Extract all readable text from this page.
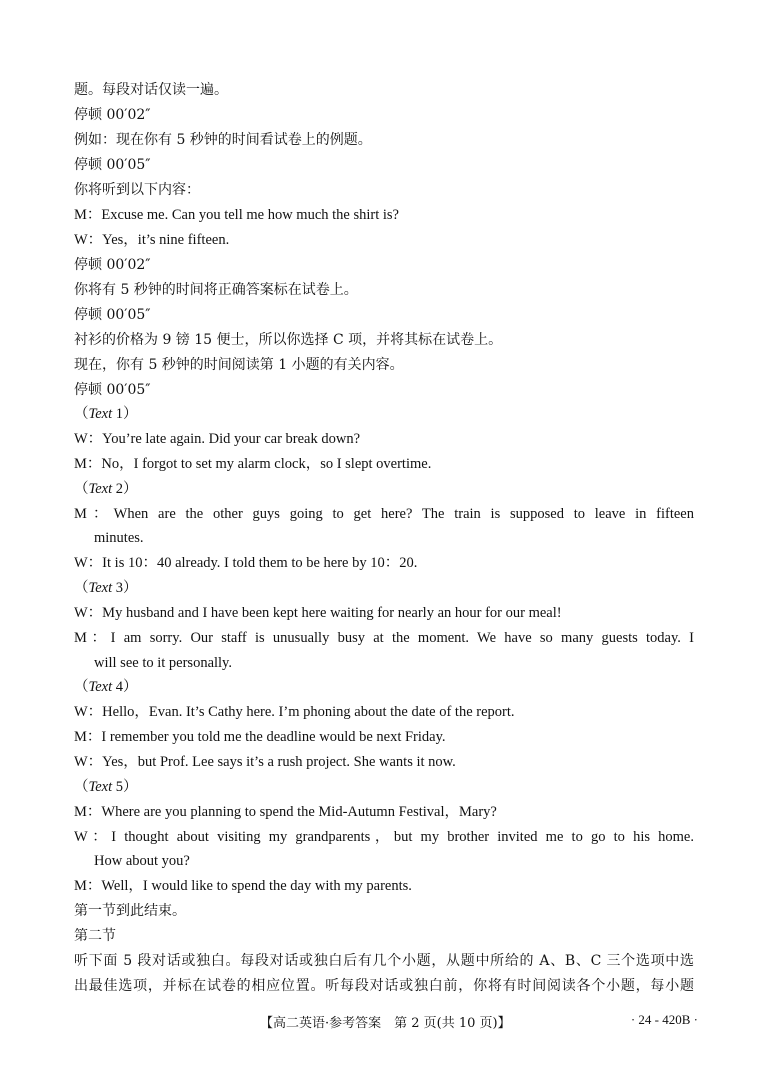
题。每段对话仅读一遍。
停顿 00′02″
例如：现在你有 5 秒钟的时间看试卷上的例题。
停顿 00′05″
你将听到以下内容：
M：Excuse me. Can you tell me how much the shirt is?
W：Yes，it’s nine fifteen.
停顿 00′02″
你将有 5 秒钟的时间将正确答案标在试卷上。
停顿 00′05″
衬衫的价格为 9 镑 15 便士，所以你选择 C 项，并将其标在试卷上。
现在，你有 5 秒钟的时间阅读第 1 小题的有关内容。
停顿 00′05″
（Text 1）
W：You’re late again. Did your car break down?
M：No，I forgot to set my alarm clock，so I slept overtime.
（Text 2）
M：When are the other guys going to get here? The train is supposed to leave in fifteen
minutes.
W：It is 10：40 already. I told them to be here by 10：20.
（Text 3）
W：My husband and I have been kept here waiting for nearly an hour for our meal!
M：I am sorry. Our staff is unusually busy at the moment. We have so many guests today. I
will see to it personally.
（Text 4）
W：Hello，Evan. It’s Cathy here. I’m phoning about the date of the report.
M：I remember you told me the deadline would be next Friday.
W：Yes，but Prof. Lee says it’s a rush project. She wants it now.
（Text 5）
M：Where are you planning to spend the Mid-Autumn Festival，Mary?
W：I thought about visiting my grandparents，but my brother invited me to go to his home.
How about you?
M：Well，I would like to spend the day with my parents.
第一节到此结束。
第二节
听下面 5 段对话或独白。每段对话或独白后有几个小题，从题中所给的 A、B、C 三个选项中选
出最佳选项，并标在试卷的相应位置。听每段对话或独白前，你将有时间阅读各个小题，每小题
【高二英语·参考答案　第 2 页(共 10 页)】	· 24 - 420B ·
